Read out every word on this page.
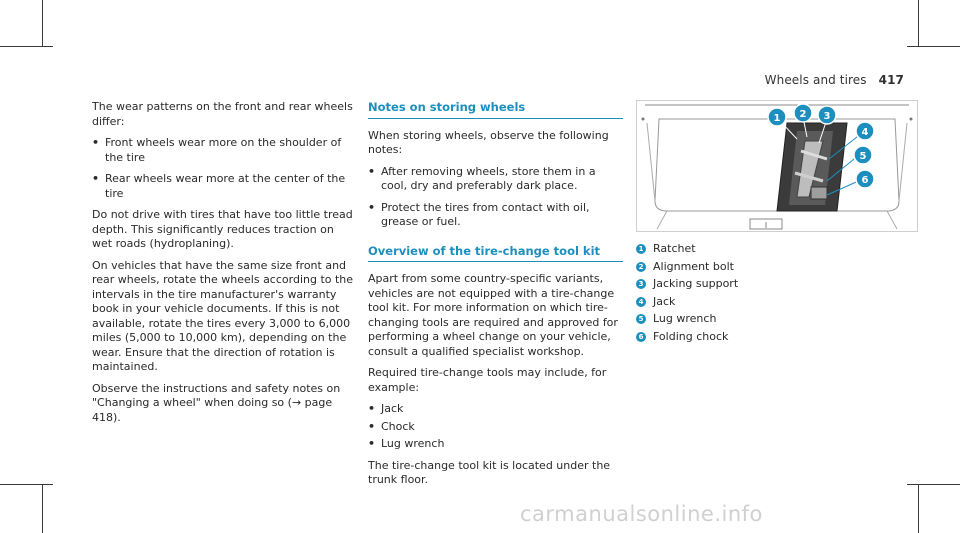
Wheels and tires 417

The wear patterns on the front and rear wheels differ:

• Front wheels wear more on the shoulder of the tire
• Rear wheels wear more at the center of the tire

Do not drive with tires that have too little tread depth. This significantly reduces traction on wet roads (hydroplaning).

On vehicles that have the same size front and rear wheels, rotate the wheels according to the intervals in the tire manufacturer's warranty book in your vehicle documents. If this is not available, rotate the tires every 3,000 to 6,000 miles (5,000 to 10,000 km), depending on the wear. Ensure that the direction of rotation is maintained.

Observe the instructions and safety notes on "Changing a wheel" when doing so (→ page 418).

Notes on storing wheels

When storing wheels, observe the following notes:

• After removing wheels, store them in a cool, dry and preferably dark place.
• Protect the tires from contact with oil, grease or fuel.
Overview of the tire-change tool kit

Apart from some country-specific variants, vehicles are not equipped with a tire-change tool kit. For more information on which tire-changing tools are required and approved for performing a wheel change on your vehicle, consult a qualified specialist workshop.

Required tire-change tools may include, for example:

• Jack
• Chock
• Lug wrench

The tire-change tool kit is located under the trunk floor.

1 2 3
4
5
6
1 Ratchet
2 Alignment bolt
3 Jacking support
4 Jack
5 Lug wrench
6 Folding chock
carmanualsonline.info
